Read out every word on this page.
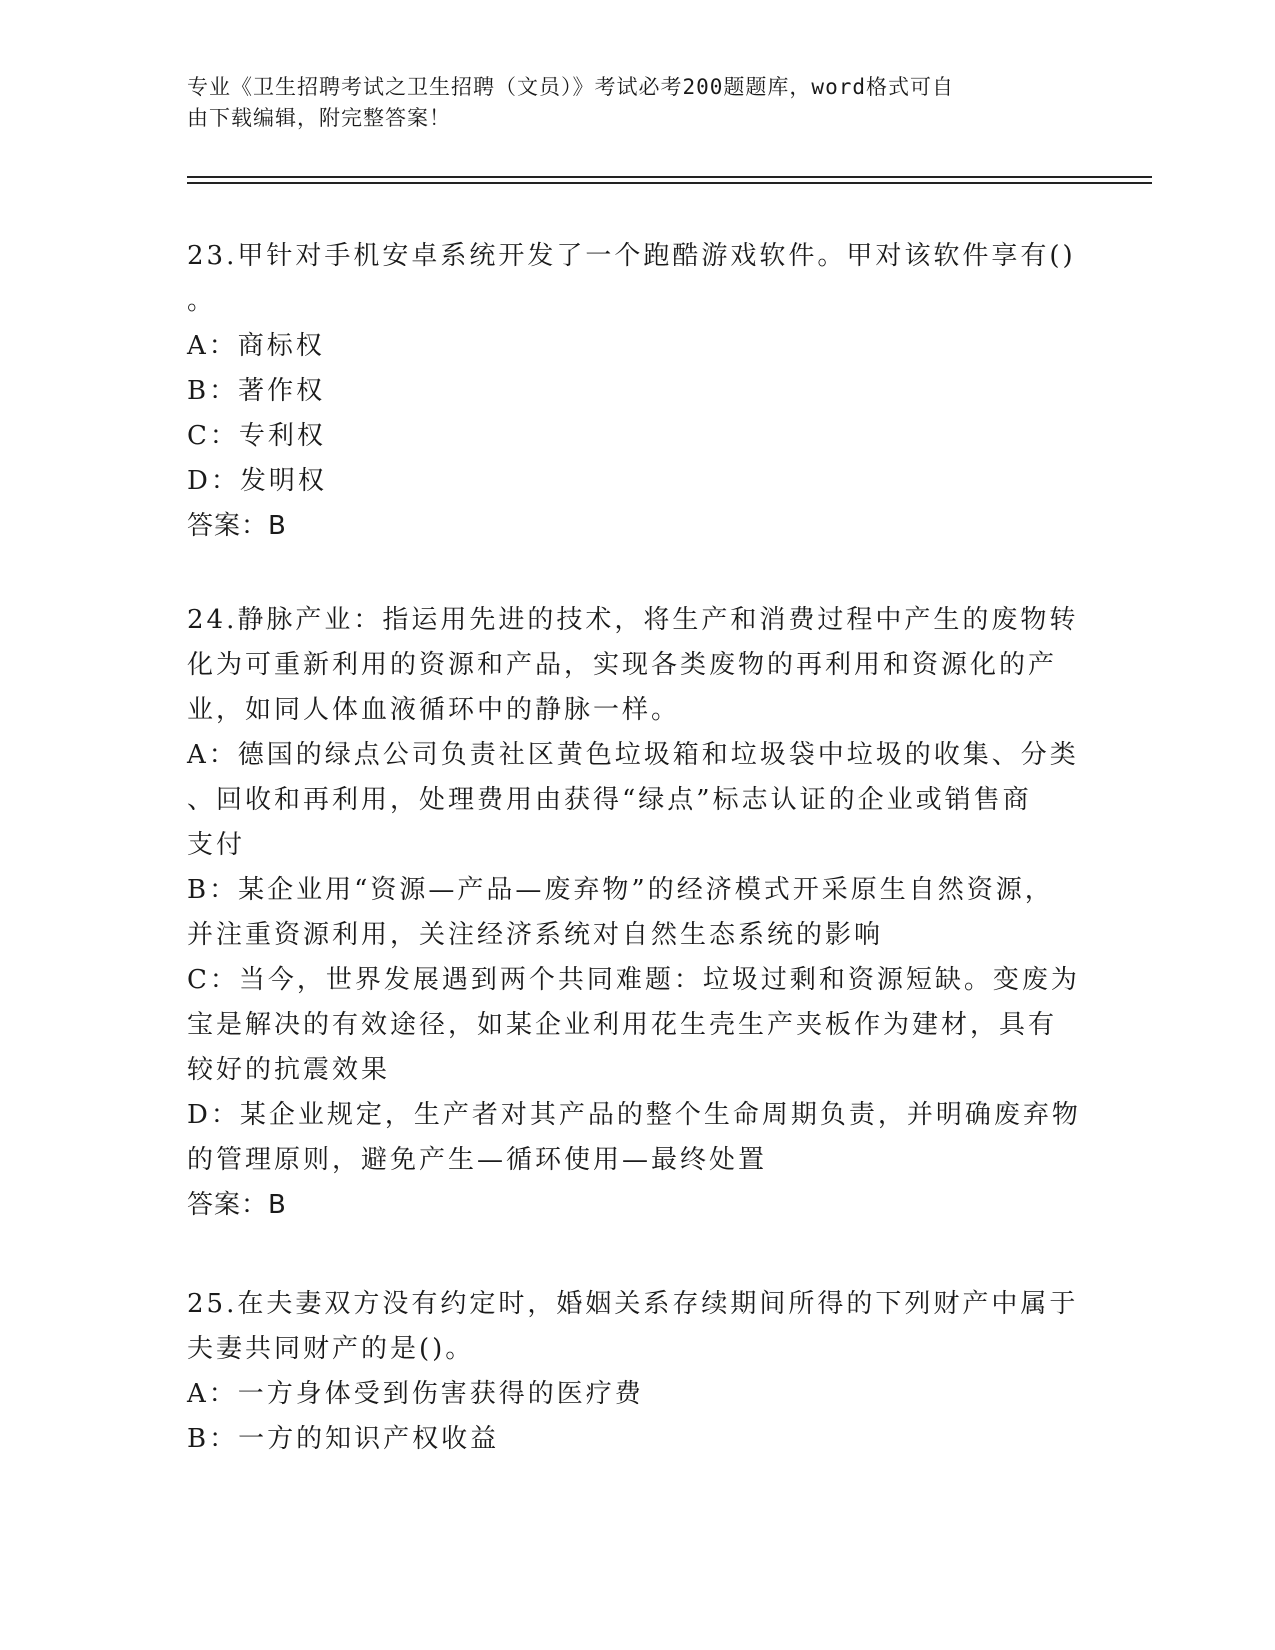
专业《卫生招聘考试之卫生招聘（文员）》考试必考200题题库，word格式可自
由下载编辑，附完整答案！
23.甲针对手机安卓系统开发了一个跑酷游戏软件。甲对该软件享有()
。
A：商标权
B：著作权
C：专利权
D：发明权
答案：B
24.静脉产业：指运用先进的技术，将生产和消费过程中产生的废物转
化为可重新利用的资源和产品，实现各类废物的再利用和资源化的产
业，如同人体血液循环中的静脉一样。
A：德国的绿点公司负责社区黄色垃圾箱和垃圾袋中垃圾的收集、分类
、回收和再利用，处理费用由获得“绿点”标志认证的企业或销售商
支付
B：某企业用“资源—产品—废弃物”的经济模式开采原生自然资源，
并注重资源利用，关注经济系统对自然生态系统的影响
C：当今，世界发展遇到两个共同难题：垃圾过剩和资源短缺。变废为
宝是解决的有效途径，如某企业利用花生壳生产夹板作为建材，具有
较好的抗震效果
D：某企业规定，生产者对其产品的整个生命周期负责，并明确废弃物
的管理原则，避免产生—循环使用—最终处置
答案：B
25.在夫妻双方没有约定时，婚姻关系存续期间所得的下列财产中属于
夫妻共同财产的是()。
A：一方身体受到伤害获得的医疗费
B：一方的知识产权收益
